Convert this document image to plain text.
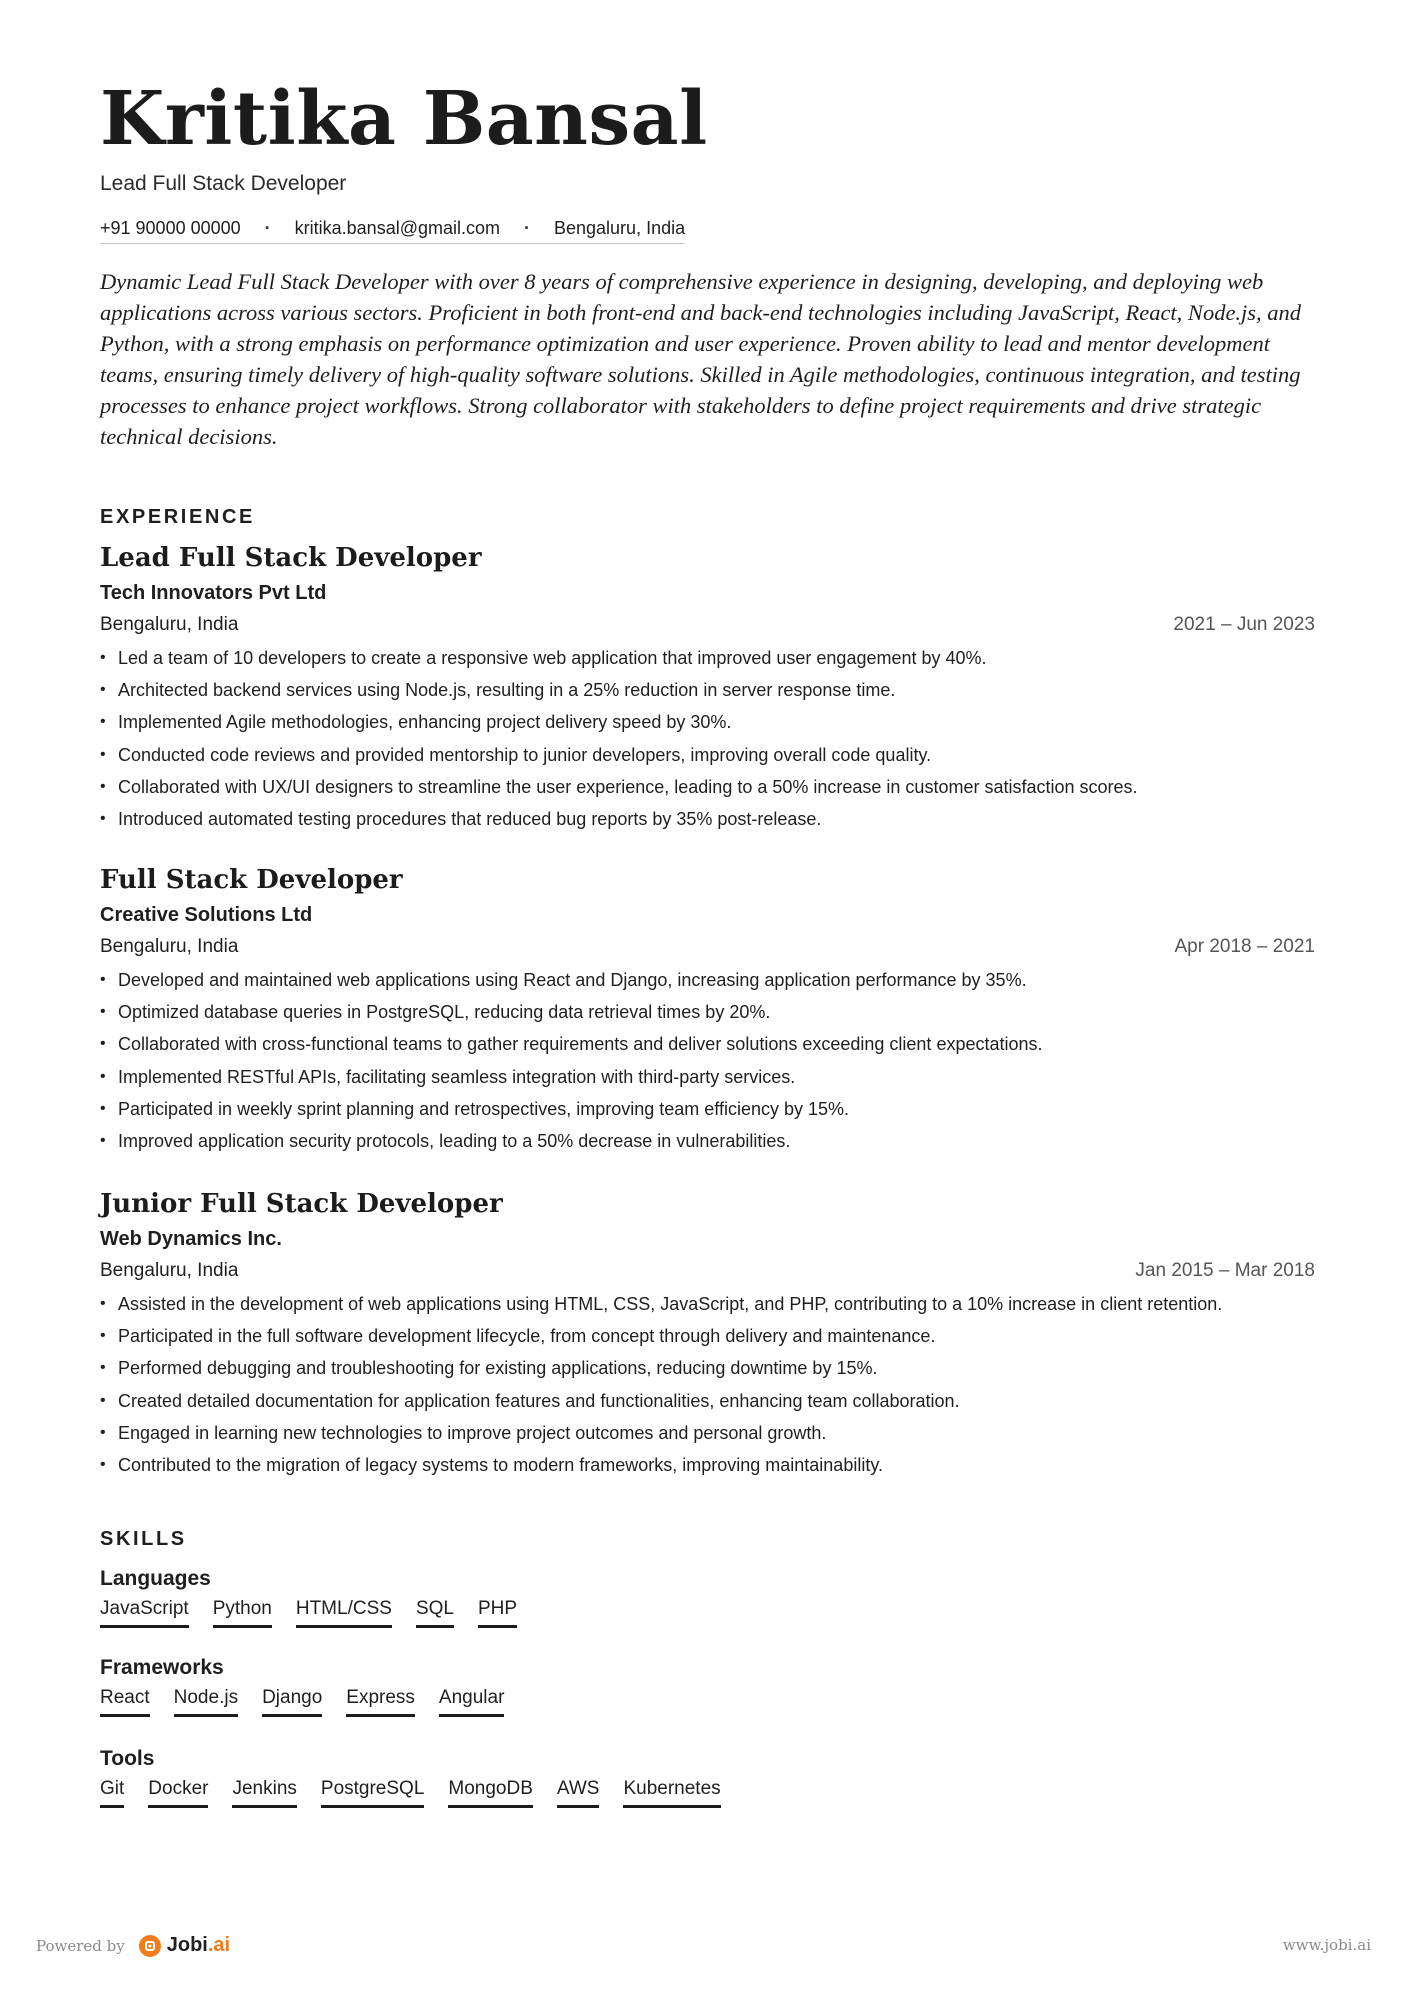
Kritika Bansal
Lead Full Stack Developer
+91 90000 00000 · kritika.bansal@gmail.com · Bengaluru, India

Dynamic Lead Full Stack Developer with over 8 years of comprehensive experience in designing, developing, and deploying web applications across various sectors. Proficient in both front-end and back-end technologies including JavaScript, React, Node.js, and Python, with a strong emphasis on performance optimization and user experience. Proven ability to lead and mentor development teams, ensuring timely delivery of high-quality software solutions. Skilled in Agile methodologies, continuous integration, and testing processes to enhance project workflows. Strong collaborator with stakeholders to define project requirements and drive strategic technical decisions.

EXPERIENCE
Lead Full Stack Developer
Tech Innovators Pvt Ltd
Bengaluru, India	2021 – Jun 2023
• Led a team of 10 developers to create a responsive web application that improved user engagement by 40%.
• Architected backend services using Node.js, resulting in a 25% reduction in server response time.
• Implemented Agile methodologies, enhancing project delivery speed by 30%.
• Conducted code reviews and provided mentorship to junior developers, improving overall code quality.
• Collaborated with UX/UI designers to streamline the user experience, leading to a 50% increase in customer satisfaction scores.
• Introduced automated testing procedures that reduced bug reports by 35% post-release.
Full Stack Developer
Creative Solutions Ltd
Bengaluru, India	Apr 2018 – 2021
• Developed and maintained web applications using React and Django, increasing application performance by 35%.
• Optimized database queries in PostgreSQL, reducing data retrieval times by 20%.
• Collaborated with cross-functional teams to gather requirements and deliver solutions exceeding client expectations.
• Implemented RESTful APIs, facilitating seamless integration with third-party services.
• Participated in weekly sprint planning and retrospectives, improving team efficiency by 15%.
• Improved application security protocols, leading to a 50% decrease in vulnerabilities.
Junior Full Stack Developer
Web Dynamics Inc.
Bengaluru, India	Jan 2015 – Mar 2018
• Assisted in the development of web applications using HTML, CSS, JavaScript, and PHP, contributing to a 10% increase in client retention.
• Participated in the full software development lifecycle, from concept through delivery and maintenance.
• Performed debugging and troubleshooting for existing applications, reducing downtime by 15%.
• Created detailed documentation for application features and functionalities, enhancing team collaboration.
• Engaged in learning new technologies to improve project outcomes and personal growth.
• Contributed to the migration of legacy systems to modern frameworks, improving maintainability.
SKILLS
Languages
JavaScript Python HTML/CSS SQL PHP
Frameworks
React Node.js Django Express Angular
Tools
Git Docker Jenkins PostgreSQL MongoDB AWS Kubernetes
Powered by Jobi.ai	www.jobi.ai
